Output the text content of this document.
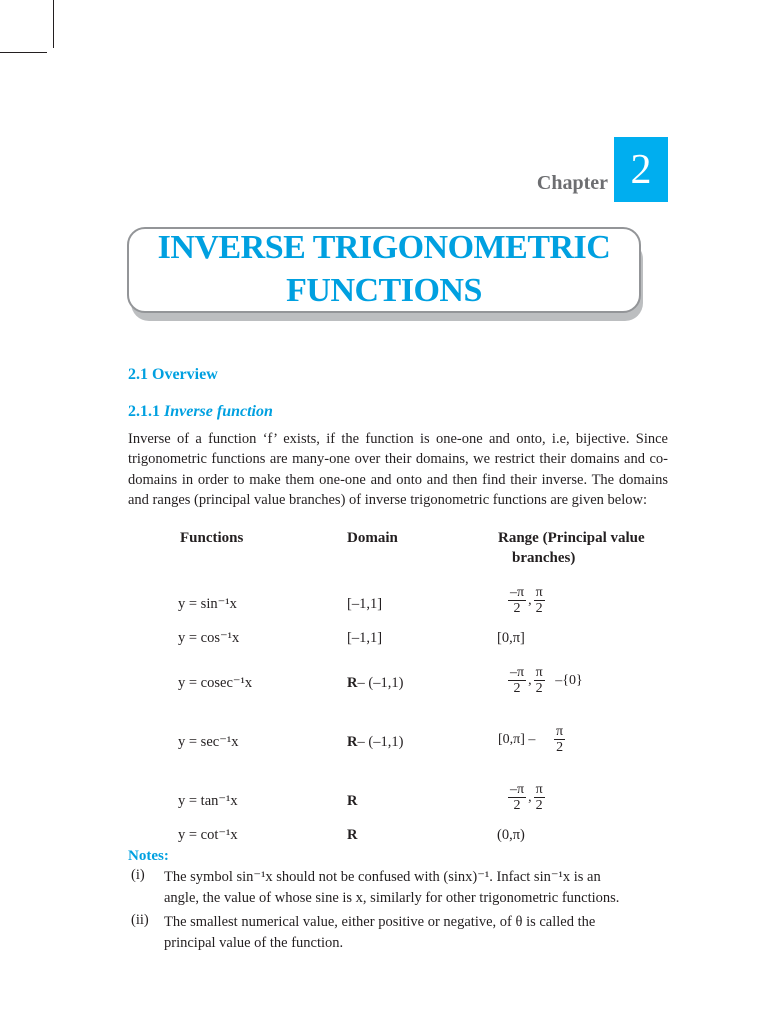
Chapter 2
INVERSE TRIGONOMETRIC
FUNCTIONS
2.1 Overview
2.1.1 Inverse function
Inverse of a function ‘f’ exists, if the function is one-one and onto, i.e, bijective. Since trigonometric functions are many-one over their domains, we restrict their domains and co-domains in order to make them one-one and onto and then find their inverse. The domains and ranges (principal value branches) of inverse trigonometric functions are given below:
Functions	Domain	Range (Principal value
branches)
y = sin⁻¹x	[–1,1]	$\frac{-\pi}{2}$ , $\frac{\pi}{2}$
y = cos⁻¹x	[–1,1]	[0,π]
y = cosec⁻¹x	R– (–1,1)	$\frac{-\pi}{2}$ , $\frac{\pi}{2} -\{0\}$
y = sec⁻¹x	R– (–1,1)	$[0,\pi] - \frac{\pi}{2}$
y = tan⁻¹x	R	$\frac{-\pi}{2}$ , $\frac{\pi}{2}$
y = cot⁻¹x	R	(0,π)
Notes:
(i) The symbol sin⁻¹x should not be confused with (sinx)⁻¹. Infact sin⁻¹x is an
angle, the value of whose sine is x, similarly for other trigonometric functions.
(ii) The smallest numerical value, either positive or negative, of θ is called the
principal value of the function.
